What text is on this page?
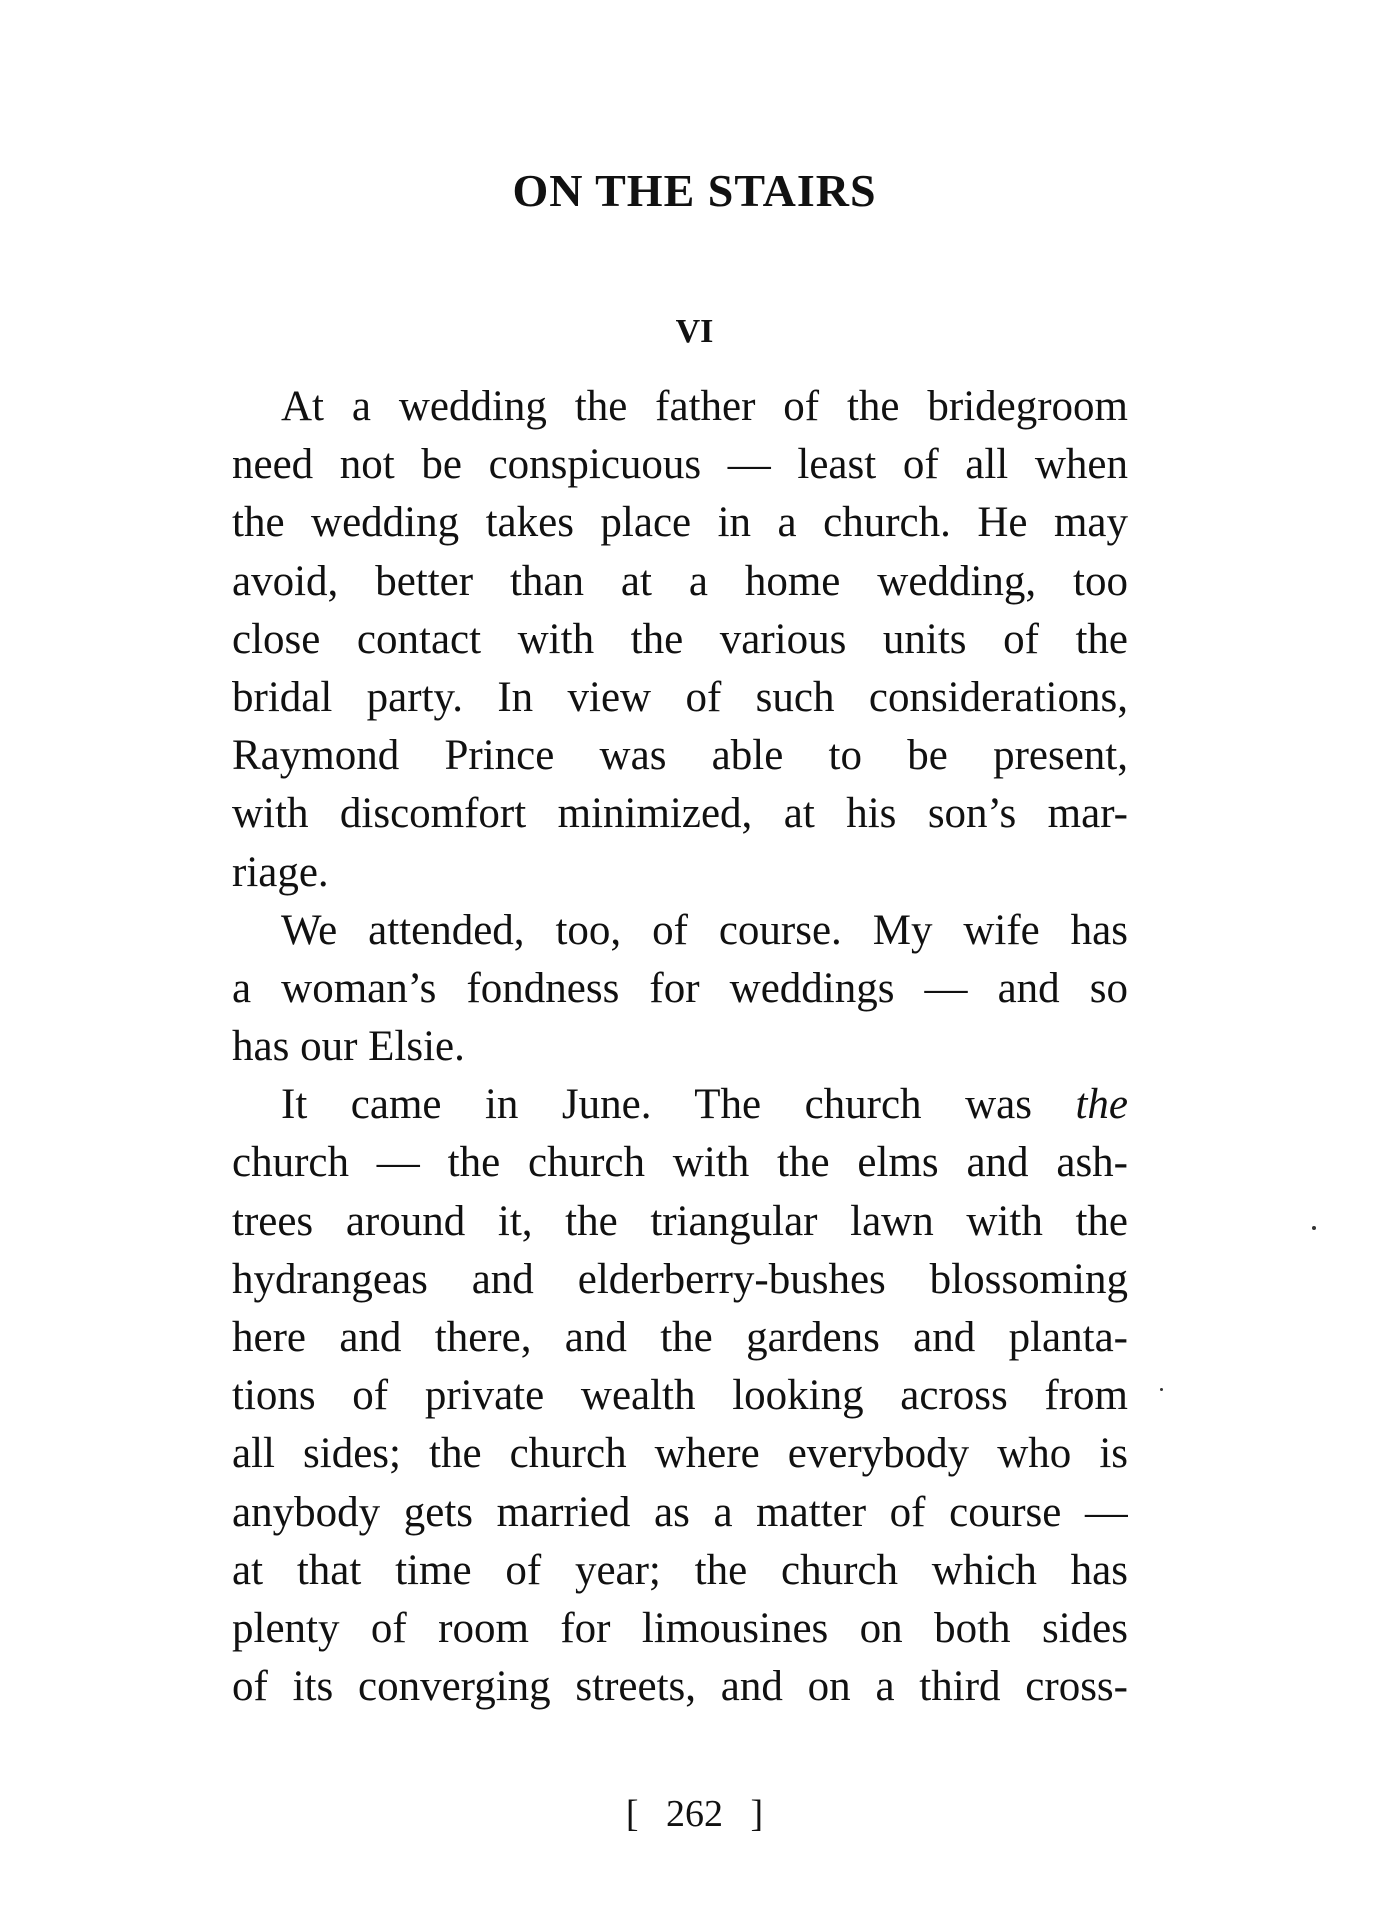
ON THE STAIRS
VI
At a wedding the father of the bridegroom
need not be conspicuous — least of all when
the wedding takes place in a church. He may
avoid, better than at a home wedding, too
close contact with the various units of the
bridal party. In view of such considerations,
Raymond Prince was able to be present,
with discomfort minimized, at his son’s mar-
riage.
We attended, too, of course. My wife has
a woman’s fondness for weddings — and so
has our Elsie.
It came in June. The church was the
church — the church with the elms and ash-
trees around it, the triangular lawn with the
hydrangeas and elderberry-bushes blossoming
here and there, and the gardens and planta-
tions of private wealth looking across from
all sides; the church where everybody who is
anybody gets married as a matter of course —
at that time of year; the church which has
plenty of room for limousines on both sides
of its converging streets, and on a third cross-
[ 262 ]
